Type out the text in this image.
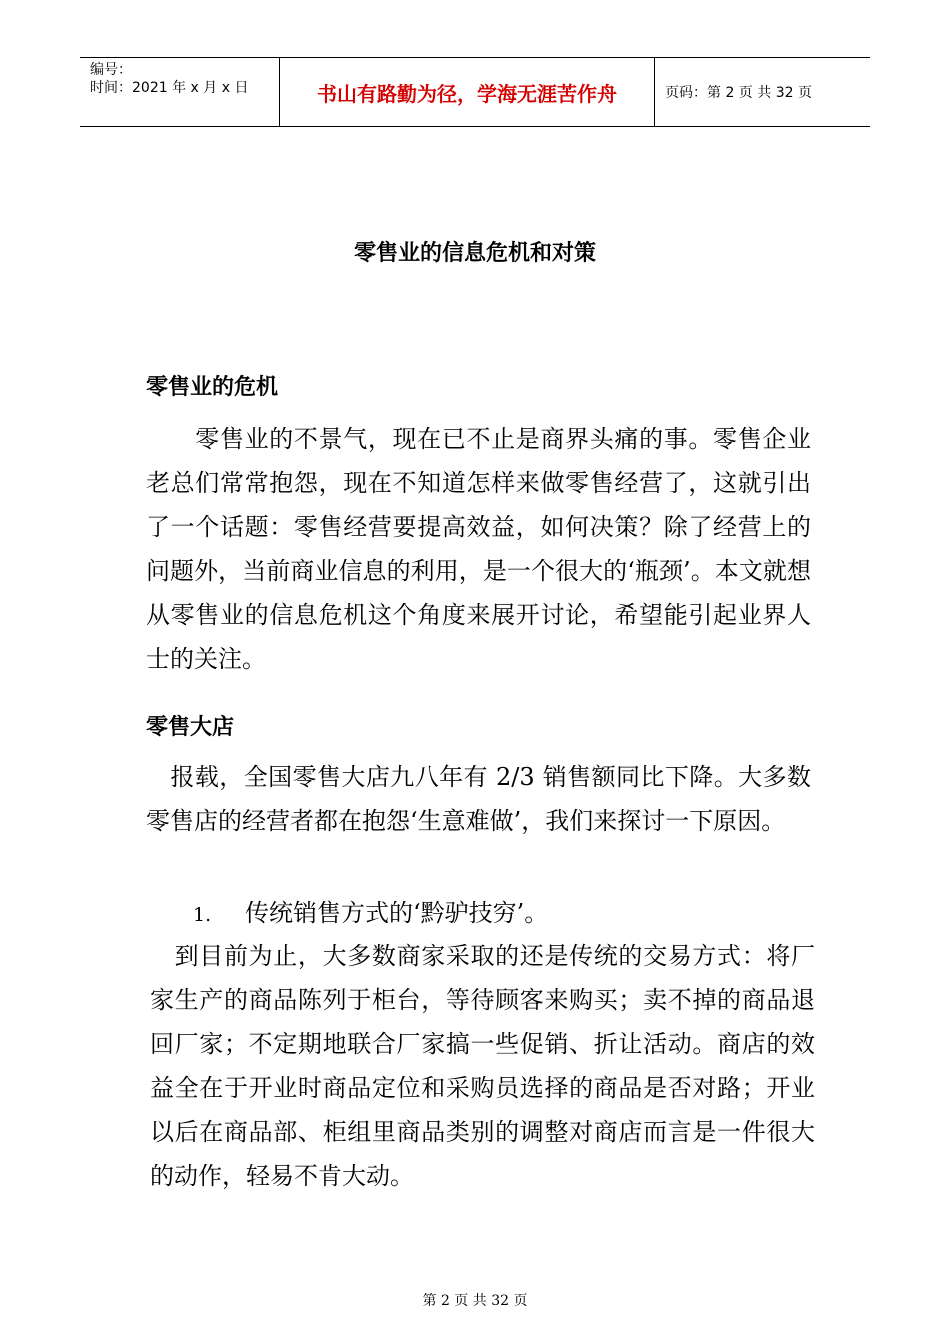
编号：
时间：2021 年 x 月 x 日	书山有路勤为径，学海无涯苦作舟	页码：第 2 页 共 32 页
零售业的信息危机和对策
零售业的危机

　　零售业的不景气，现在已不止是商界头痛的事。零售企业老总们常常抱怨，现在不知道怎样来做零售经营了，这就引出了一个话题：零售经营要提高效益，如何决策？除了经营上的问题外，当前商业信息的利用，是一个很大的‘瓶颈’。本文就想从零售业的信息危机这个角度来展开讨论，希望能引起业界人士的关注。

零售大店

　报载，全国零售大店九八年有 2/3 销售额同比下降。大多数零售店的经营者都在抱怨‘生意难做’，我们来探讨一下原因。

1. 传统销售方式的‘黔驴技穷’。

　到目前为止，大多数商家采取的还是传统的交易方式：将厂家生产的商品陈列于柜台，等待顾客来购买；卖不掉的商品退回厂家；不定期地联合厂家搞一些促销、折让活动。商店的效益全在于开业时商品定位和采购员选择的商品是否对路；开业以后在商品部、柜组里商品类别的调整对商店而言是一件很大的动作，轻易不肯大动。

第 2 页 共 32 页
